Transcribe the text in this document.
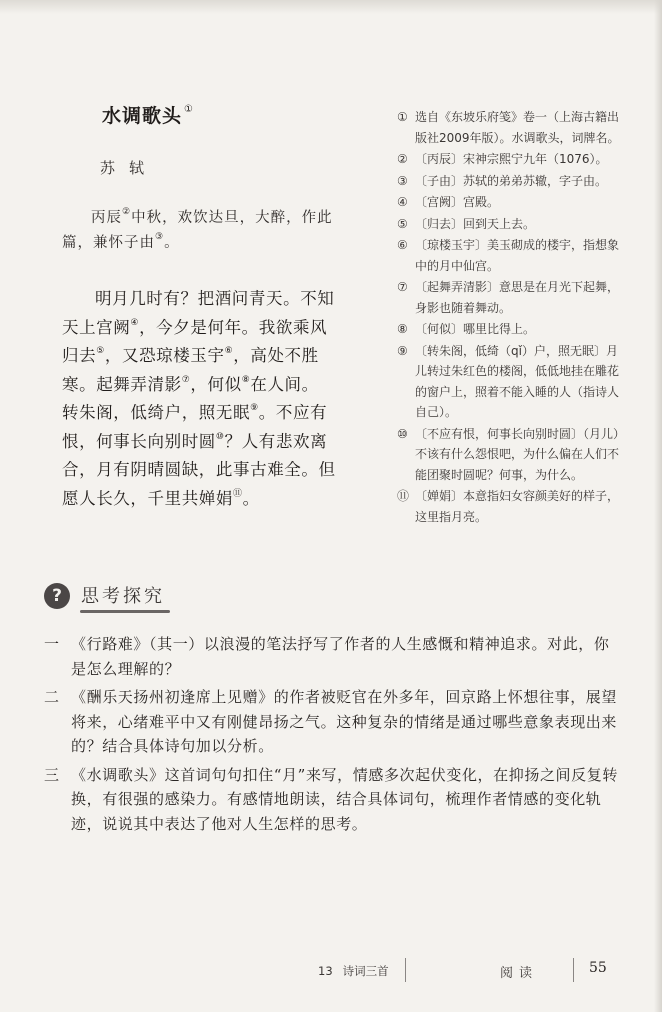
水调歌头 ①
苏轼
丙辰②中秋，欢饮达旦，大醉，作此篇，兼怀子由③。
明月几时有？把酒问青天。不知天上宫阙④，今夕是何年。我欲乘风归去⑤，又恐琼楼玉宇⑥，高处不胜寒。起舞弄清影⑦，何似⑧在人间。　　转朱阁，低绮户，照无眠⑨。不应有恨，何事长向别时圆⑩？人有悲欢离合，月有阴晴圆缺，此事古难全。但愿人长久，千里共婵娟⑪。
① 选自《东坡乐府笺》卷一（上海古籍出版社2009年版）。水调歌头，词牌名。
② 〔丙辰〕宋神宗熙宁九年（1076）。
③ 〔子由〕苏轼的弟弟苏辙，字子由。
④ 〔宫阙〕宫殿。
⑤ 〔归去〕回到天上去。
⑥ 〔琼楼玉宇〕美玉砌成的楼宇，指想象中的月中仙宫。
⑦ 〔起舞弄清影〕意思是在月光下起舞，身影也随着舞动。
⑧ 〔何似〕哪里比得上。
⑨ 〔转朱阁，低绮（qǐ）户，照无眠〕月儿转过朱红色的楼阁，低低地挂在雕花的窗户上，照着不能入睡的人（指诗人自己）。
⑩ 〔不应有恨，何事长向别时圆〕（月儿）不该有什么怨恨吧，为什么偏在人们不能团聚时圆呢？何事，为什么。
⑪ 〔婵娟〕本意指妇女容颜美好的样子，这里指月亮。
?	思考探究
一 《行路难》（其一）以浪漫的笔法抒写了作者的人生感慨和精神追求。对此，你是怎么理解的？
二 《酬乐天扬州初逢席上见赠》的作者被贬官在外多年，回京路上怀想往事，展望将来，心绪难平中又有刚健昂扬之气。这种复杂的情绪是通过哪些意象表现出来的？结合具体诗句加以分析。
三 《水调歌头》这首词句句扣住“月”来写，情感多次起伏变化，在抑扬之间反复转换，有很强的感染力。有感情地朗读，结合具体词句，梳理作者情感的变化轨迹，说说其中表达了他对人生怎样的思考。
13 诗词三首	阅读	55
